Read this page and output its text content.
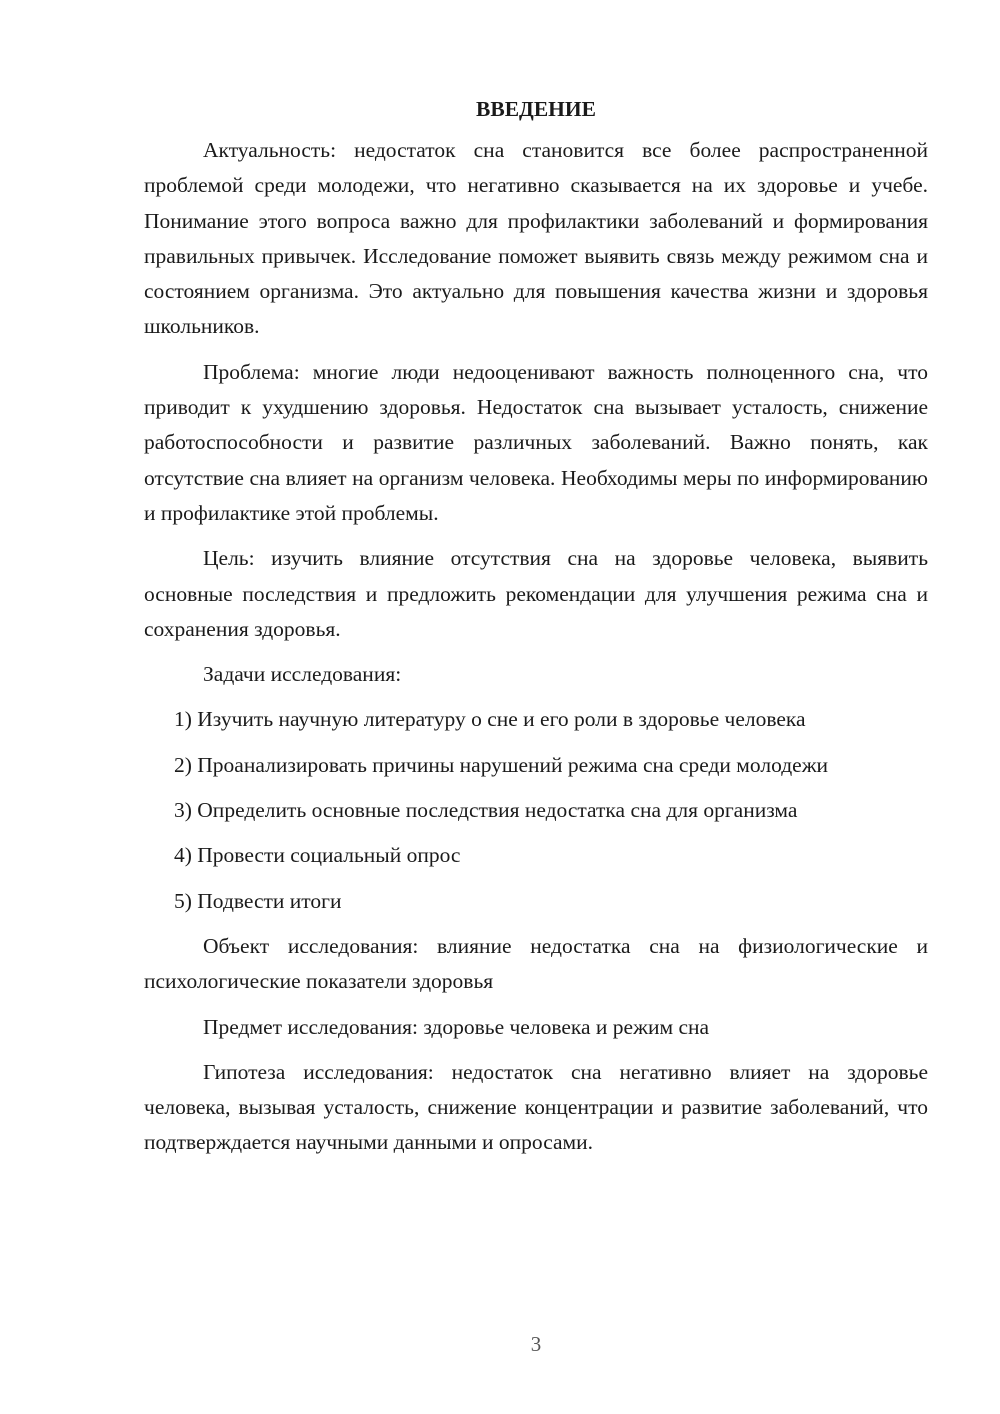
ВВЕДЕНИЕ

Актуальность: недостаток сна становится все более распространенной проблемой среди молодежи, что негативно сказывается на их здоровье и учебе. Понимание этого вопроса важно для профилактики заболеваний и формирования правильных привычек. Исследование поможет выявить связь между режимом сна и состоянием организма. Это актуально для повышения качества жизни и здоровья школьников.

Проблема: многие люди недооценивают важность полноценного сна, что приводит к ухудшению здоровья. Недостаток сна вызывает усталость, снижение работоспособности и развитие различных заболеваний. Важно понять, как отсутствие сна влияет на организм человека. Необходимы меры по информированию и профилактике этой проблемы.

Цель: изучить влияние отсутствия сна на здоровье человека, выявить основные последствия и предложить рекомендации для улучшения режима сна и сохранения здоровья.

Задачи исследования:

1) Изучить научную литературу о сне и его роли в здоровье человека

2) Проанализировать причины нарушений режима сна среди молодежи

3) Определить основные последствия недостатка сна для организма

4) Провести социальный опрос

5) Подвести итоги

Объект исследования: влияние недостатка сна на физиологические и психологические показатели здоровья

Предмет исследования: здоровье человека и режим сна

Гипотеза исследования: недостаток сна негативно влияет на здоровье человека, вызывая усталость, снижение концентрации и развитие заболеваний, что подтверждается научными данными и опросами.

3
